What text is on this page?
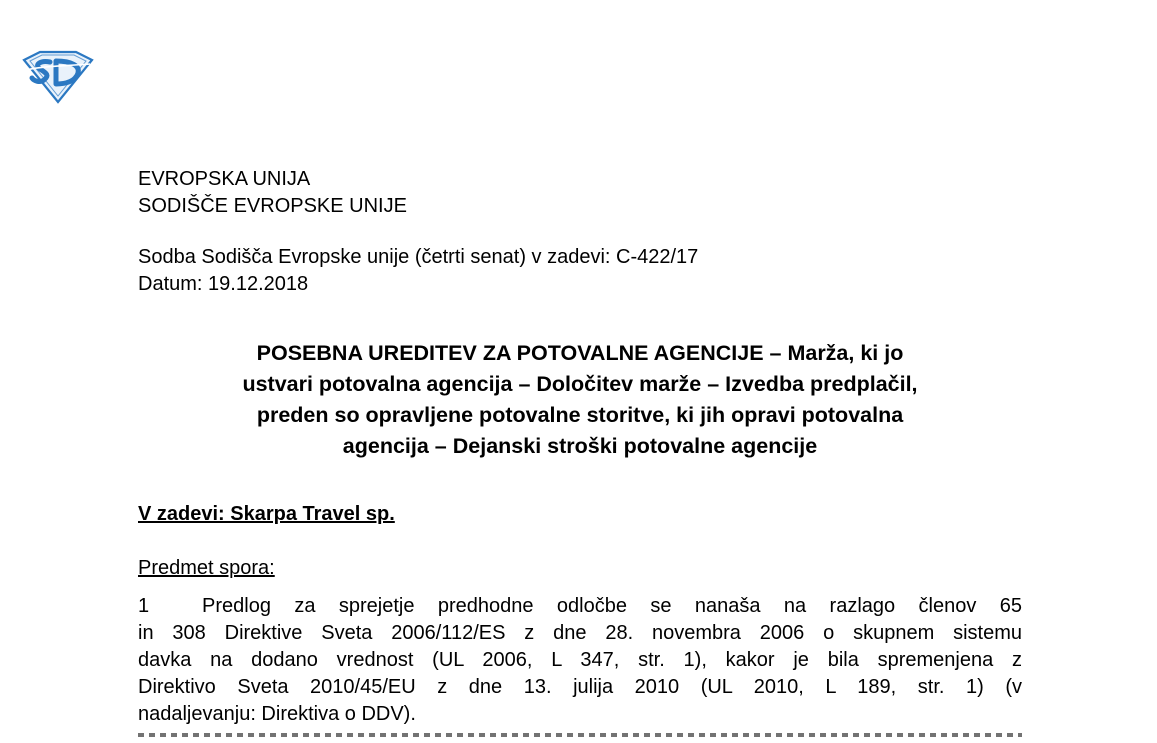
EVROPSKA UNIJA
SODIŠČE EVROPSKE UNIJE
Sodba Sodišča Evropske unije (četrti senat) v zadevi: C-422/17
Datum: 19.12.2018
POSEBNA UREDITEV ZA POTOVALNE AGENCIJE – Marža, ki jo
ustvari potovalna agencija – Določitev marže – Izvedba predplačil,
preden so opravljene potovalne storitve, ki jih opravi potovalna
agencija – Dejanski stroški potovalne agencije
V zadevi: Skarpa Travel sp.
Predmet spora:
1	Predlog za sprejetje predhodne odločbe se nanaša na razlago členov 65
in 308 Direktive Sveta 2006/112/ES z dne 28. novembra 2006 o skupnem sistemu
davka na dodano vrednost (UL 2006, L 347, str. 1), kakor je bila spremenjena z
Direktivo Sveta 2010/45/EU z dne 13. julija 2010 (UL 2010, L 189, str. 1) (v
nadaljevanju: Direktiva o DDV).
